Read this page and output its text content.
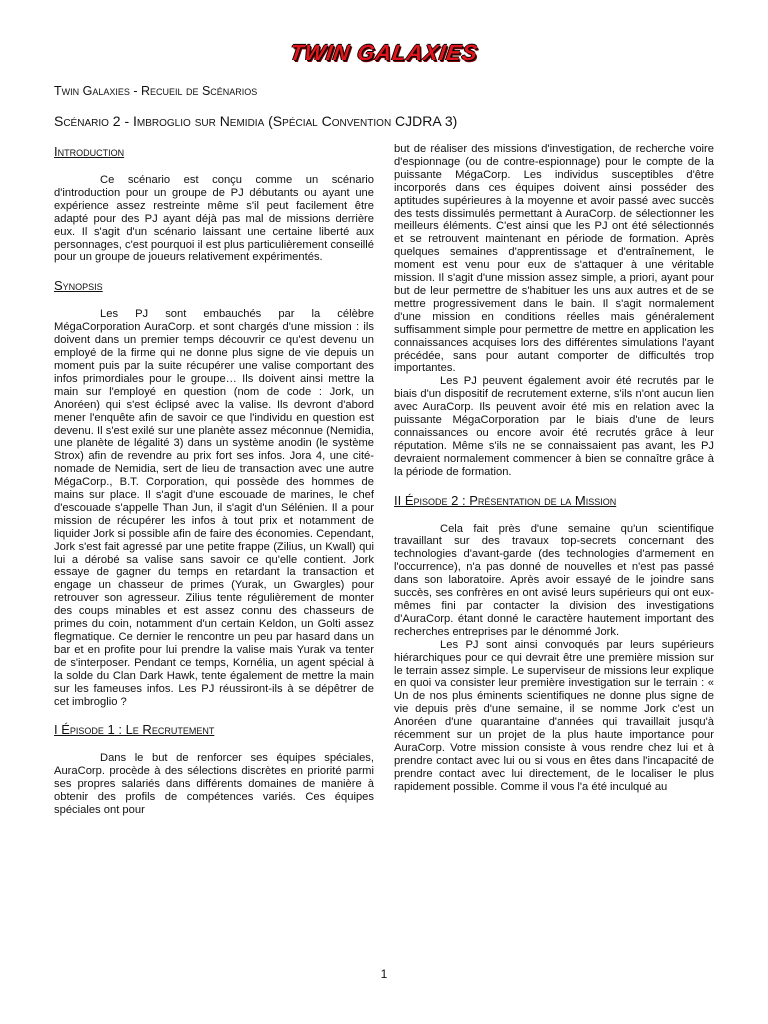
TWIN GALAXIES
Twin Galaxies - Recueil de Scénarios
Scénario 2 - Imbroglio sur Nemidia (Spécial Convention CJDRA 3)
Introduction

Ce scénario est conçu comme un scénario d'introduction pour un groupe de PJ débutants ou ayant une expérience assez restreinte même s'il peut facilement être adapté pour des PJ ayant déjà pas mal de missions derrière eux. Il s'agit d'un scénario laissant une certaine liberté aux personnages, c'est pourquoi il est plus particulièrement conseillé pour un groupe de joueurs relativement expérimentés.

Synopsis

Les PJ sont embauchés par la célèbre MégaCorporation AuraCorp. et sont chargés d'une mission : ils doivent dans un premier temps découvrir ce qu'est devenu un employé de la firme qui ne donne plus signe de vie depuis un moment puis par la suite récupérer une valise comportant des infos primordiales pour le groupe… Ils doivent ainsi mettre la main sur l'employé en question (nom de code : Jork, un Anoréen) qui s'est éclipsé avec la valise. Ils devront d'abord mener l'enquête afin de savoir ce que l'individu en question est devenu. Il s'est exilé sur une planète assez méconnue (Nemidia, une planète de légalité 3) dans un système anodin (le système Strox) afin de revendre au prix fort ses infos. Jora 4, une cité-nomade de Nemidia, sert de lieu de transaction avec une autre MégaCorp., B.T. Corporation, qui possède des hommes de mains sur place. Il s'agit d'une escouade de marines, le chef d'escouade s'appelle Than Jun, il s'agit d'un Sélénien. Il a pour mission de récupérer les infos à tout prix et notamment de liquider Jork si possible afin de faire des économies. Cependant, Jork s'est fait agressé par une petite frappe (Zilius, un Kwall) qui lui a dérobé sa valise sans savoir ce qu'elle contient. Jork essaye de gagner du temps en retardant la transaction et engage un chasseur de primes (Yurak, un Gwargles) pour retrouver son agresseur. Zilius tente régulièrement de monter des coups minables et est assez connu des chasseurs de primes du coin, notamment d'un certain Keldon, un Golti assez flegmatique. Ce dernier le rencontre un peu par hasard dans un bar et en profite pour lui prendre la valise mais Yurak va tenter de s'interposer. Pendant ce temps, Kornélia, un agent spécial à la solde du Clan Dark Hawk, tente également de mettre la main sur les fameuses infos. Les PJ réussiront-ils à se dépêtrer de cet imbroglio ?

I Épisode 1 : Le Recrutement

Dans le but de renforcer ses équipes spéciales, AuraCorp. procède à des sélections discrètes en priorité parmi ses propres salariés dans différents domaines de manière à obtenir des profils de compétences variés. Ces équipes spéciales ont pour

but de réaliser des missions d'investigation, de recherche voire d'espionnage (ou de contre-espionnage) pour le compte de la puissante MégaCorp. Les individus susceptibles d'être incorporés dans ces équipes doivent ainsi posséder des aptitudes supérieures à la moyenne et avoir passé avec succès des tests dissimulés permettant à AuraCorp. de sélectionner les meilleurs éléments. C'est ainsi que les PJ ont été sélectionnés et se retrouvent maintenant en période de formation. Après quelques semaines d'apprentissage et d'entraînement, le moment est venu pour eux de s'attaquer à une véritable mission. Il s'agit d'une mission assez simple, a priori, ayant pour but de leur permettre de s'habituer les uns aux autres et de se mettre progressivement dans le bain. Il s'agit normalement d'une mission en conditions réelles mais généralement suffisamment simple pour permettre de mettre en application les connaissances acquises lors des différentes simulations l'ayant précédée, sans pour autant comporter de difficultés trop importantes.

Les PJ peuvent également avoir été recrutés par le biais d'un dispositif de recrutement externe, s'ils n'ont aucun lien avec AuraCorp. Ils peuvent avoir été mis en relation avec la puissante MégaCorporation par le biais d'une de leurs connaissances ou encore avoir été recrutés grâce à leur réputation. Même s'ils ne se connaissaient pas avant, les PJ devraient normalement commencer à bien se connaître grâce à la période de formation.

II Épisode 2 : Présentation de la Mission

Cela fait près d'une semaine qu'un scientifique travaillant sur des travaux top-secrets concernant des technologies d'avant-garde (des technologies d'armement en l'occurrence), n'a pas donné de nouvelles et n'est pas passé dans son laboratoire. Après avoir essayé de le joindre sans succès, ses confrères en ont avisé leurs supérieurs qui ont eux-mêmes fini par contacter la division des investigations d'AuraCorp. étant donné le caractère hautement important des recherches entreprises par le dénommé Jork.

Les PJ sont ainsi convoqués par leurs supérieurs hiérarchiques pour ce qui devrait être une première mission sur le terrain assez simple. Le superviseur de missions leur explique en quoi va consister leur première investigation sur le terrain : « Un de nos plus éminents scientifiques ne donne plus signe de vie depuis près d'une semaine, il se nomme Jork c'est un Anoréen d'une quarantaine d'années qui travaillait jusqu'à récemment sur un projet de la plus haute importance pour AuraCorp. Votre mission consiste à vous rendre chez lui et à prendre contact avec lui ou si vous en êtes dans l'incapacité de prendre contact avec lui directement, de le localiser le plus rapidement possible. Comme il vous l'a été inculqué au

1
